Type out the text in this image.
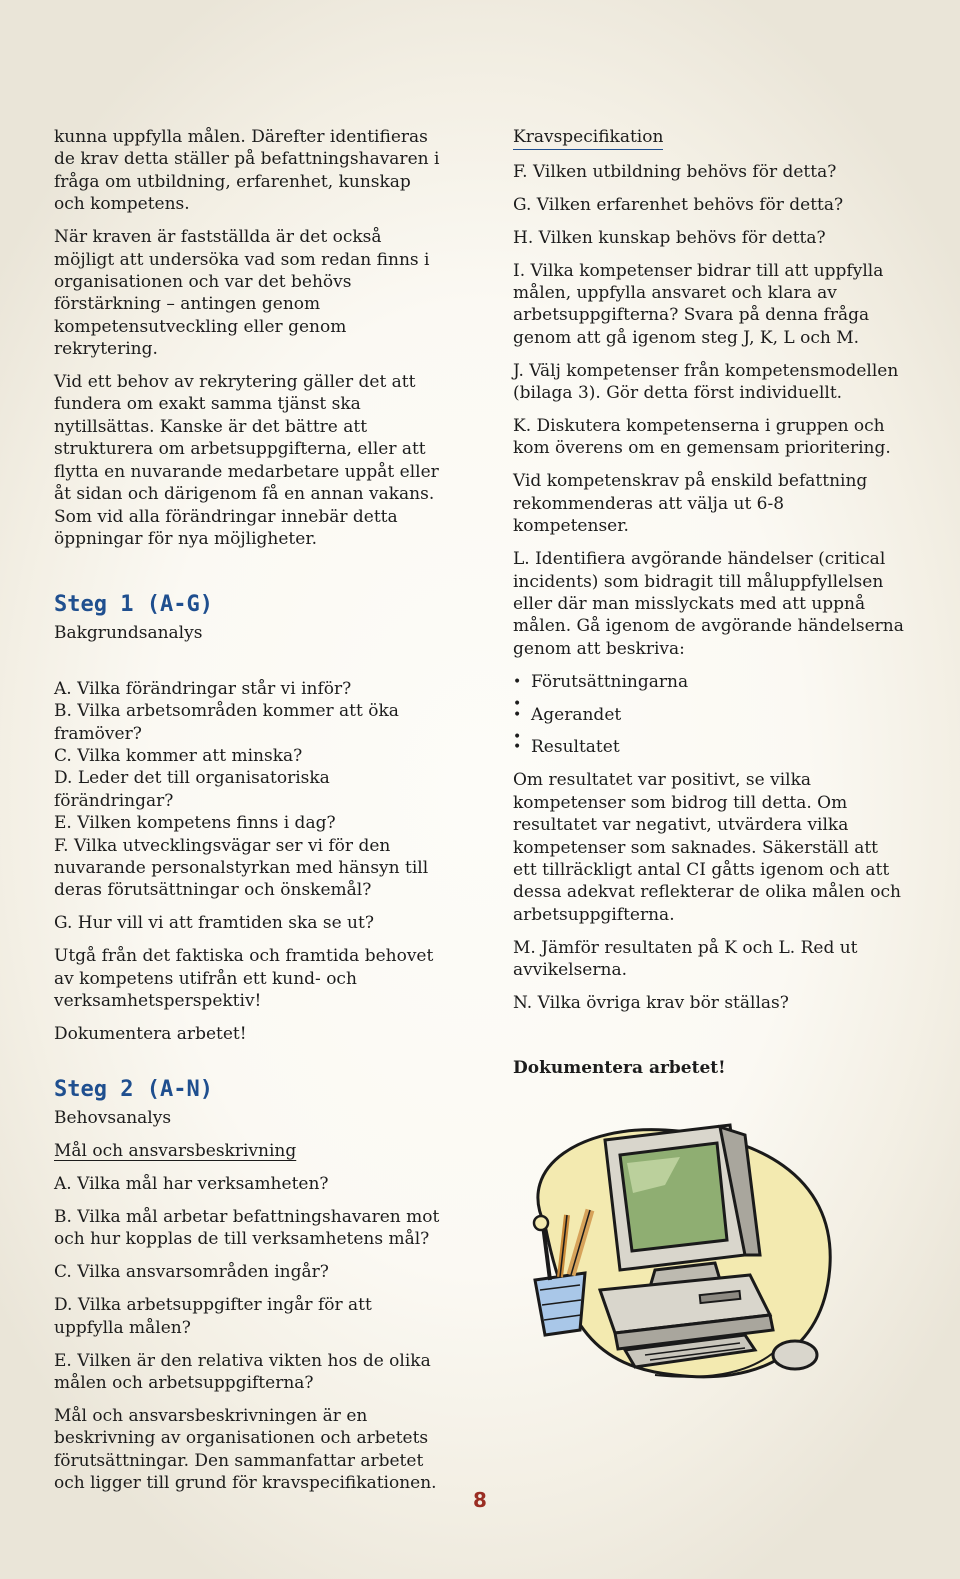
kunna uppfylla målen. Därefter identifieras de krav detta ställer på befattningshavaren i fråga om utbildning, erfarenhet, kunskap och kompetens.

När kraven är fastställda är det också möjligt att undersöka vad som redan finns i organisationen och var det behövs förstärkning – antingen genom kompetensutveckling eller genom rekrytering.

Vid ett behov av rekrytering gäller det att fundera om exakt samma tjänst ska nytillsättas. Kanske är det bättre att strukturera om arbetsuppgifterna, eller att flytta en nuvarande medarbetare uppåt eller åt sidan och därigenom få en annan vakans. Som vid alla förändringar innebär detta öppningar för nya möjligheter.

Steg 1 (A-G)

Bakgrundsanalys

A. Vilka förändringar står vi inför?

B. Vilka arbetsområden kommer att öka framöver?

C. Vilka kommer att minska?

D. Leder det till organisatoriska förändringar?

E. Vilken kompetens finns i dag?

F. Vilka utvecklingsvägar ser vi för den nuvarande personalstyrkan med hänsyn till deras förutsättningar och önskemål?

G. Hur vill vi att framtiden ska se ut?

Utgå från det faktiska och framtida behovet av kompetens utifrån ett kund- och verksamhetsperspektiv!

Dokumentera arbetet!

Steg 2 (A-N)

Behovsanalys

Mål och ansvarsbeskrivning

A. Vilka mål har verksamheten?

B. Vilka mål arbetar befattningshavaren mot och hur kopplas de till verksamhetens mål?

C. Vilka ansvarsområden ingår?

D. Vilka arbetsuppgifter ingår för att uppfylla målen?

E. Vilken är den relativa vikten hos de olika målen och arbetsuppgifterna?

Mål och ansvarsbeskrivningen är en beskrivning av organisationen och arbetets förutsättningar. Den sammanfattar arbetet och ligger till grund för kravspecifikationen.

Kravspecifikation

F. Vilken utbildning behövs för detta?

G. Vilken erfarenhet behövs för detta?

H. Vilken kunskap behövs för detta?

I. Vilka kompetenser bidrar till att uppfylla målen, uppfylla ansvaret och klara av arbetsuppgifterna? Svara på denna fråga genom att gå igenom steg J, K, L och M.

J. Välj kompetenser från kompetensmodellen (bilaga 3). Gör detta först individuellt.

K. Diskutera kompetenserna i gruppen och kom överens om en gemensam prioritering.

Vid kompetenskrav på enskild befattning rekommenderas att välja ut 6-8 kompetenser.

L. Identifiera avgörande händelser (critical incidents) som bidragit till måluppfyllelsen eller där man misslyckats med att uppnå målen. Gå igenom de avgörande händelserna genom att beskriva:

• Förutsättningarna
•
• Agerandet
•
• Resultatet

Om resultatet var positivt, se vilka kompetenser som bidrog till detta. Om resultatet var negativt, utvärdera vilka kompetenser som saknades. Säkerställ att ett tillräckligt antal CI gåtts igenom och att dessa adekvat reflekterar de olika målen och arbetsuppgifterna.

M. Jämför resultaten på K och L. Red ut avvikelserna.

N. Vilka övriga krav bör ställas?

Dokumentera arbetet!

8
